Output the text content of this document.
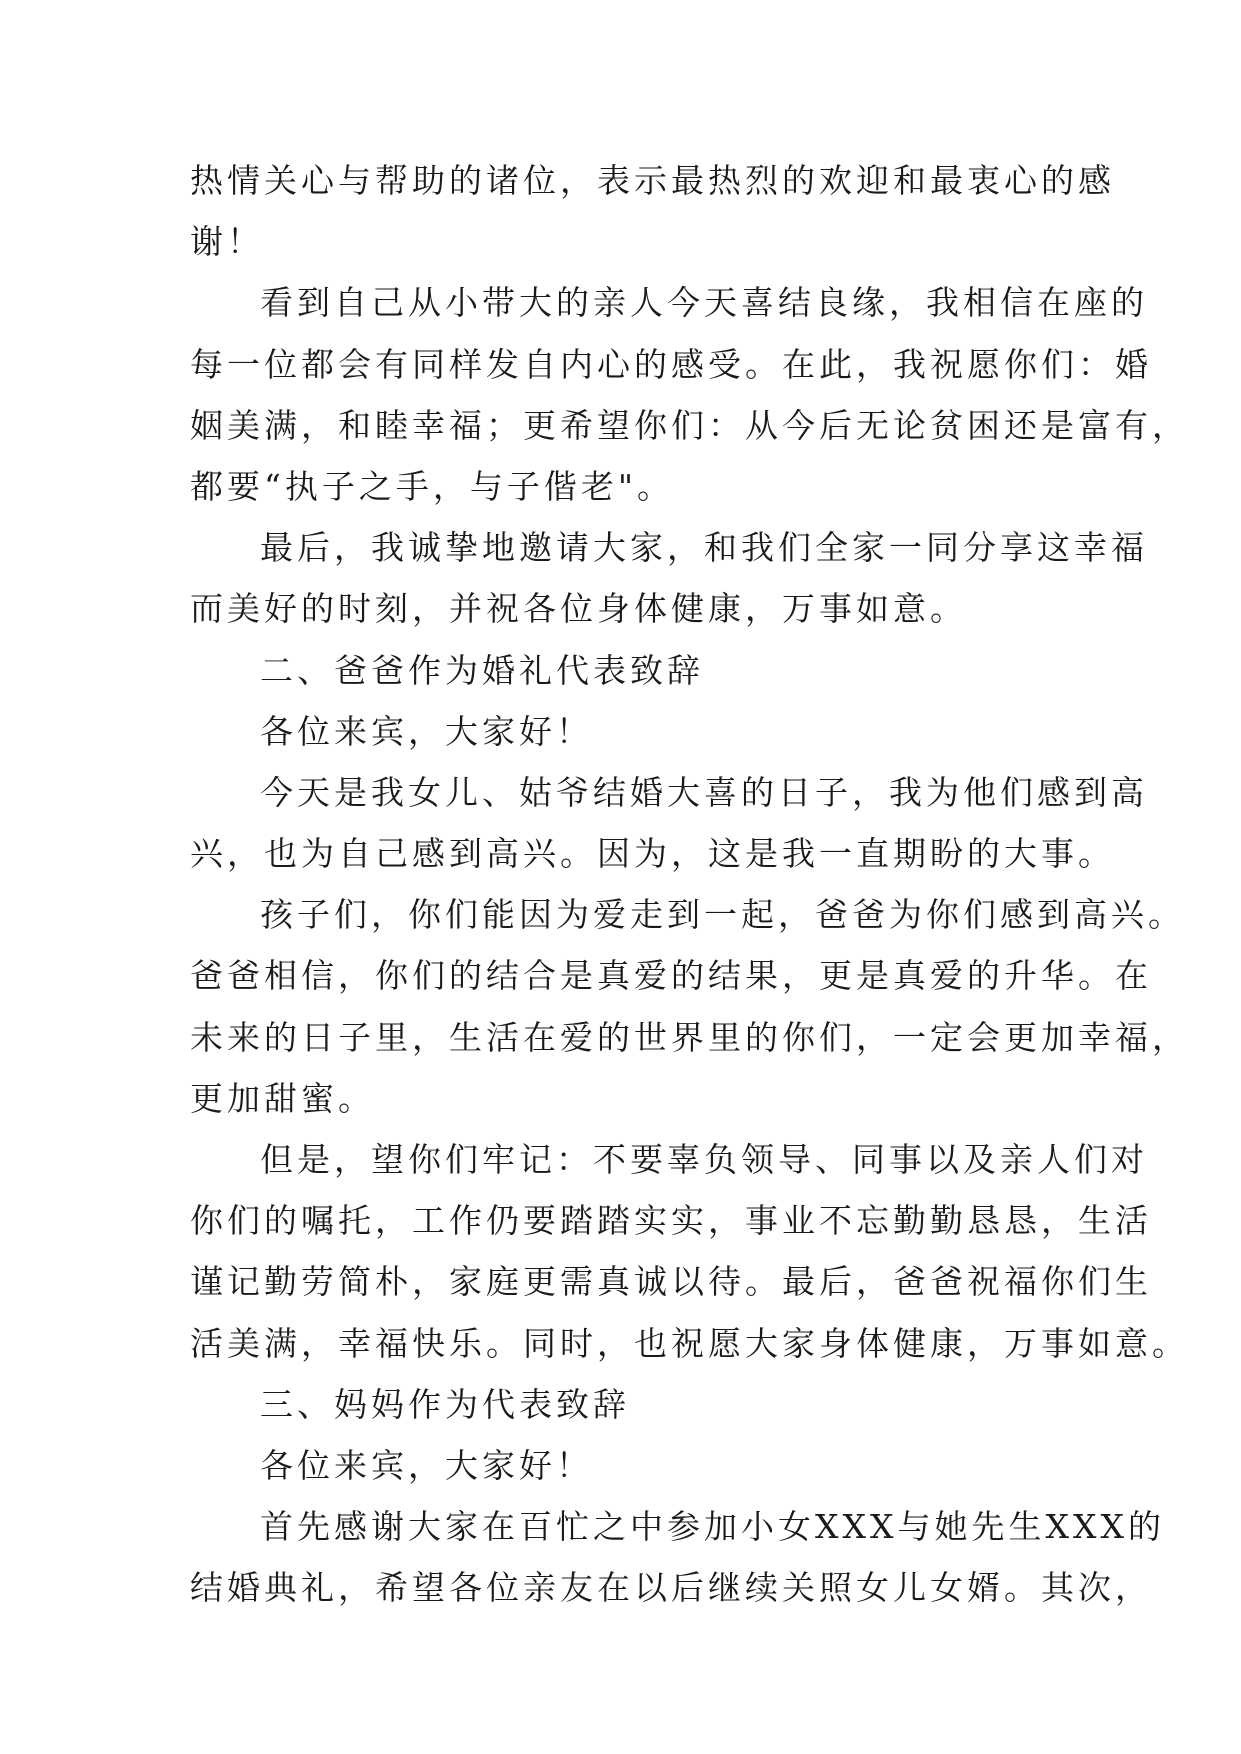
热情关心与帮助的诸位，表示最热烈的欢迎和最衷心的感
谢！
看到自己从小带大的亲人今天喜结良缘，我相信在座的
每一位都会有同样发自内心的感受。在此，我祝愿你们：婚
姻美满，和睦幸福；更希望你们：从今后无论贫困还是富有，
都要“执子之手，与子偕老"。
最后，我诚挚地邀请大家，和我们全家一同分享这幸福
而美好的时刻，并祝各位身体健康，万事如意。
二、爸爸作为婚礼代表致辞
各位来宾，大家好！
今天是我女儿、姑爷结婚大喜的日子，我为他们感到高
兴，也为自己感到高兴。因为，这是我一直期盼的大事。
孩子们，你们能因为爱走到一起，爸爸为你们感到高兴。
爸爸相信，你们的结合是真爱的结果，更是真爱的升华。在
未来的日子里，生活在爱的世界里的你们，一定会更加幸福，
更加甜蜜。
但是，望你们牢记：不要辜负领导、同事以及亲人们对
你们的嘱托，工作仍要踏踏实实，事业不忘勤勤恳恳，生活
谨记勤劳简朴，家庭更需真诚以待。最后，爸爸祝福你们生
活美满，幸福快乐。同时，也祝愿大家身体健康，万事如意。
三、妈妈作为代表致辞
各位来宾，大家好！
首先感谢大家在百忙之中参加小女XXX与她先生XXX的
结婚典礼，希望各位亲友在以后继续关照女儿女婿。其次，
